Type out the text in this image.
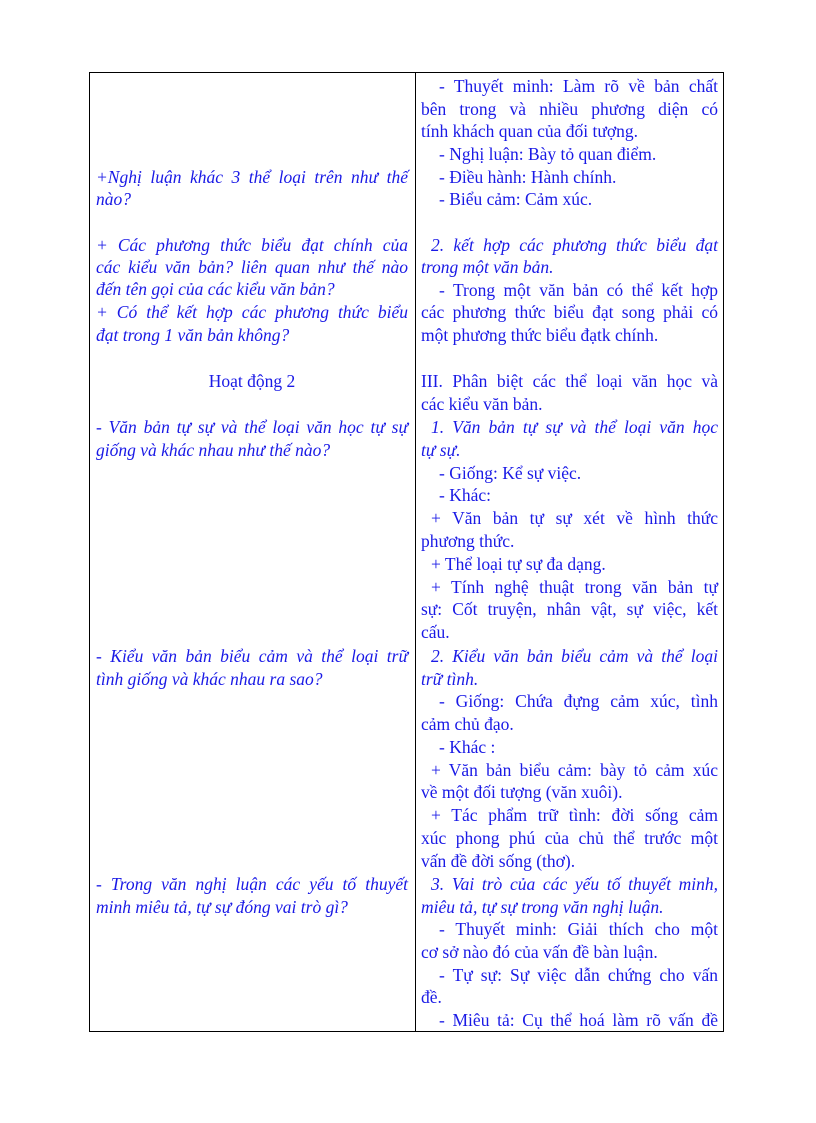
+Nghị luận khác 3 thể loại trên như thế

nào?

+ Các phương thức biểu đạt chính của

các kiểu văn bản? liên quan như thế nào

đến tên gọi của các kiểu văn bản?

+ Có thể kết hợp các phương thức biểu

đạt trong 1 văn bản không?

Hoạt động 2

- Văn bản tự sự và thể loại văn học tự sự

giống và khác nhau như thế nào?

- Kiểu văn bản biểu cảm và thể loại trữ

tình giống và khác nhau ra sao?

- Trong văn nghị luận các yếu tố thuyết

minh miêu tả, tự sự đóng vai trò gì?

- Thuyết minh: Làm rõ về bản chất

bên trong và nhiều phương diện có

tính khách quan của đối tượng.

- Nghị luận: Bày tỏ quan điểm.

- Điều hành: Hành chính.

- Biểu cảm: Cảm xúc.

2. kết hợp các phương thức biểu đạt

trong một văn bản.

- Trong một văn bản có thể kết hợp

các phương thức biểu đạt song phải có

một phương thức biểu đạtk chính.

III. Phân biệt các thể loại văn học và

các kiểu văn bản.

1. Văn bản tự sự và thể loại văn học

tự sự.

- Giống: Kể sự việc.

- Khác:

+ Văn bản tự sự xét về hình thức

phương thức.

+ Thể loại tự sự đa dạng.

+ Tính nghệ thuật trong văn bản tự

sự: Cốt truyện, nhân vật, sự việc, kết

cấu.

2. Kiểu văn bản biểu cảm và thể loại

trữ tình.

- Giống: Chứa đựng cảm xúc, tình

cảm chủ đạo.

- Khác :

+ Văn bản biểu cảm: bày tỏ cảm xúc

về một đối tượng (văn xuôi).

+ Tác phẩm trữ tình: đời sống cảm

xúc phong phú của chủ thể trước một

vấn đề đời sống (thơ).

3. Vai trò của các yếu tố thuyết minh,

miêu tả, tự sự trong văn nghị luận.

- Thuyết minh: Giải thích cho một

cơ sở nào đó của vấn đề bàn luận.

- Tự sự: Sự việc dẫn chứng cho vấn

đề.

- Miêu tả: Cụ thể hoá làm rõ vấn đề
